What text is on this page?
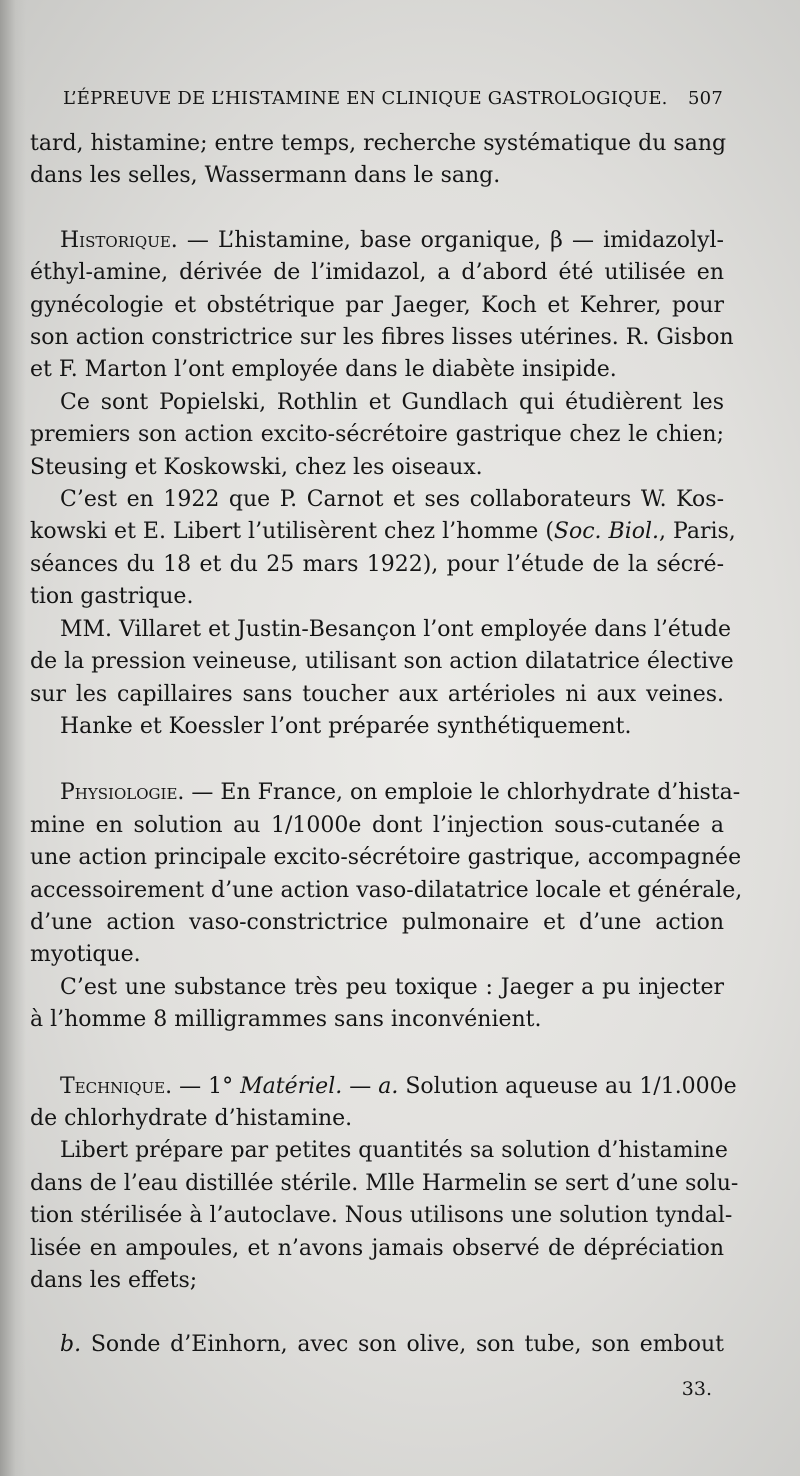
L’ÉPREUVE DE L’HISTAMINE EN CLINIQUE GASTROLOGIQUE. 507
tard, histamine; entre temps, recherche systématique du sang
dans les selles, Wassermann dans le sang.
Historique. — L’histamine, base organique, β — imidazolyl-
éthyl-amine, dérivée de l’imidazol, a d’abord été utilisée en
gynécologie et obstétrique par Jaeger, Koch et Kehrer, pour
son action constrictrice sur les fibres lisses utérines. R. Gisbon
et F. Marton l’ont employée dans le diabète insipide.
Ce sont Popielski, Rothlin et Gundlach qui étudièrent les
premiers son action excito-sécrétoire gastrique chez le chien;
Steusing et Koskowski, chez les oiseaux.
C’est en 1922 que P. Carnot et ses collaborateurs W. Kos-
kowski et E. Libert l’utilisèrent chez l’homme (Soc. Biol., Paris,
séances du 18 et du 25 mars 1922), pour l’étude de la sécré-
tion gastrique.
MM. Villaret et Justin-Besançon l’ont employée dans l’étude
de la pression veineuse, utilisant son action dilatatrice élective
sur les capillaires sans toucher aux artérioles ni aux veines.
Hanke et Koessler l’ont préparée synthétiquement.
Physiologie. — En France, on emploie le chlorhydrate d’hista-
mine en solution au 1/1000e dont l’injection sous-cutanée a
une action principale excito-sécrétoire gastrique, accompagnée
accessoirement d’une action vaso-dilatatrice locale et générale,
d’une action vaso-constrictrice pulmonaire et d’une action
myotique.
C’est une substance très peu toxique : Jaeger a pu injecter
à l’homme 8 milligrammes sans inconvénient.
Technique. — 1° Matériel. — a. Solution aqueuse au 1/1.000e
de chlorhydrate d’histamine.
Libert prépare par petites quantités sa solution d’histamine
dans de l’eau distillée stérile. Mlle Harmelin se sert d’une solu-
tion stérilisée à l’autoclave. Nous utilisons une solution tyndal-
lisée en ampoules, et n’avons jamais observé de dépréciation
dans les effets;
b. Sonde d’Einhorn, avec son olive, son tube, son embout
33.
